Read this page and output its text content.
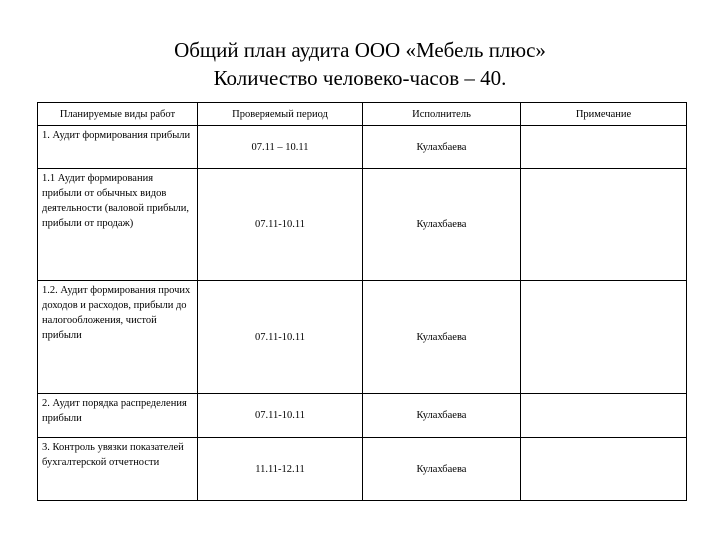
Общий план аудита ООО «Мебель плюс»
Количество человеко-часов – 40.
Планируемые виды работ	Проверяемый период	Исполнитель	Примечание
1. Аудит формирования прибыли	07.11 – 10.11	Кулахбаева	
1.1 Аудит формирования прибыли от обычных видов деятельности (валовой прибыли, прибыли от продаж)	07.11-10.11	Кулахбаева	
1.2. Аудит формирования прочих доходов и расходов, прибыли до налогообложения, чистой прибыли	07.11-10.11	Кулахбаева	
2. Аудит порядка распределения прибыли	07.11-10.11	Кулахбаева	
3. Контроль увязки показателей бухгалтерской отчетности	11.11-12.11	Кулахбаева	
